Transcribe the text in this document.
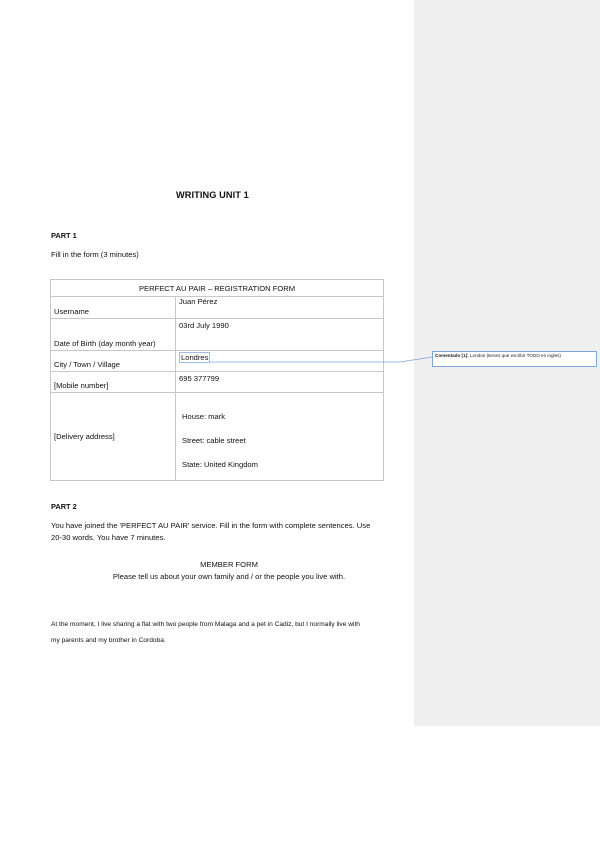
WRITING UNIT 1
PART 1
Fill in the form (3 minutes)
PERFECT AU PAIR – REGISTRATION FORM	
Username	Juan Pérez
Date of Birth (day month year)	03rd July 1990
City / Town / Village	Londres
[Mobile number]	695 377799
[Delivery address]	House: mark
Street: cable street
State: United Kingdom
PART 2
You have joined the 'PERFECT AU PAIR' service. Fill in the form with complete sentences. Use 20-30 words. You have 7 minutes.
MEMBER FORM
Please tell us about your own family and / or the people you live with.
At the moment, I live sharing a flat with two people from Malaga and a pet in Cadiz, but I normally live with my parents and my brother in Cordoba.
Comentado [1]: London (tienes que escribir TODO en ingles)
